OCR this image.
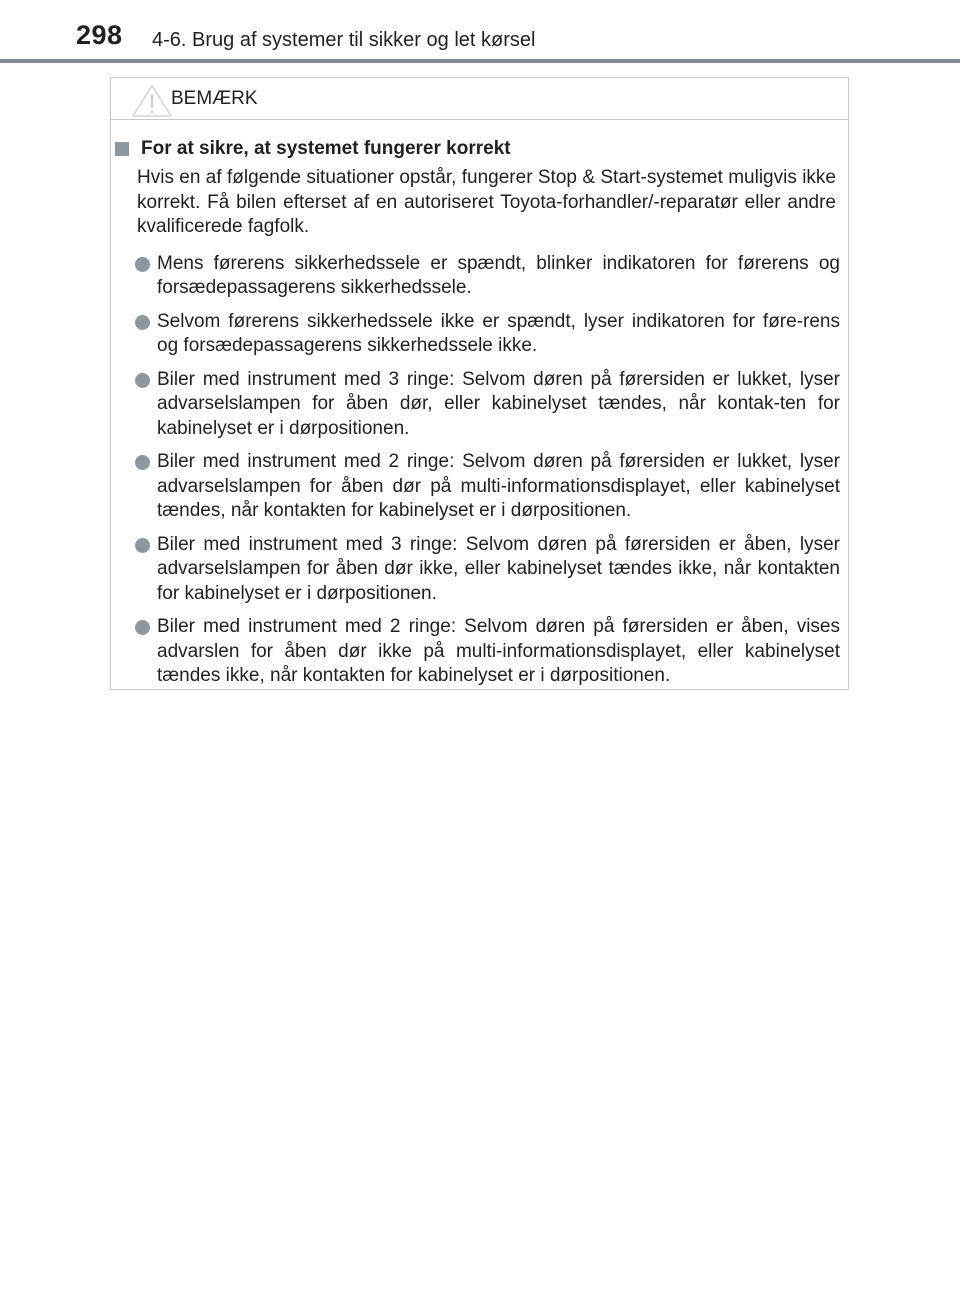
298 4-6. Brug af systemer til sikker og let kørsel
BEMÆRK
For at sikre, at systemet fungerer korrekt
Hvis en af følgende situationer opstår, fungerer Stop & Start-systemet muligvis ikke korrekt. Få bilen efterset af en autoriseret Toyota-forhandler/-reparatør eller andre kvalificerede fagfolk.
Mens førerens sikkerhedssele er spændt, blinker indikatoren for førerens og forsædepassagerens sikkerhedssele.
Selvom førerens sikkerhedssele ikke er spændt, lyser indikatoren for føre-rens og forsædepassagerens sikkerhedssele ikke.
Biler med instrument med 3 ringe: Selvom døren på førersiden er lukket, lyser advarselslampen for åben dør, eller kabinelyset tændes, når kontak-ten for kabinelyset er i dørpositionen.
Biler med instrument med 2 ringe: Selvom døren på førersiden er lukket, lyser advarselslampen for åben dør på multi-informationsdisplayet, eller kabinelyset tændes, når kontakten for kabinelyset er i dørpositionen.
Biler med instrument med 3 ringe: Selvom døren på førersiden er åben, lyser advarselslampen for åben dør ikke, eller kabinelyset tændes ikke, når kontakten for kabinelyset er i dørpositionen.
Biler med instrument med 2 ringe: Selvom døren på førersiden er åben, vises advarslen for åben dør ikke på multi-informationsdisplayet, eller kabinelyset tændes ikke, når kontakten for kabinelyset er i dørpositionen.
